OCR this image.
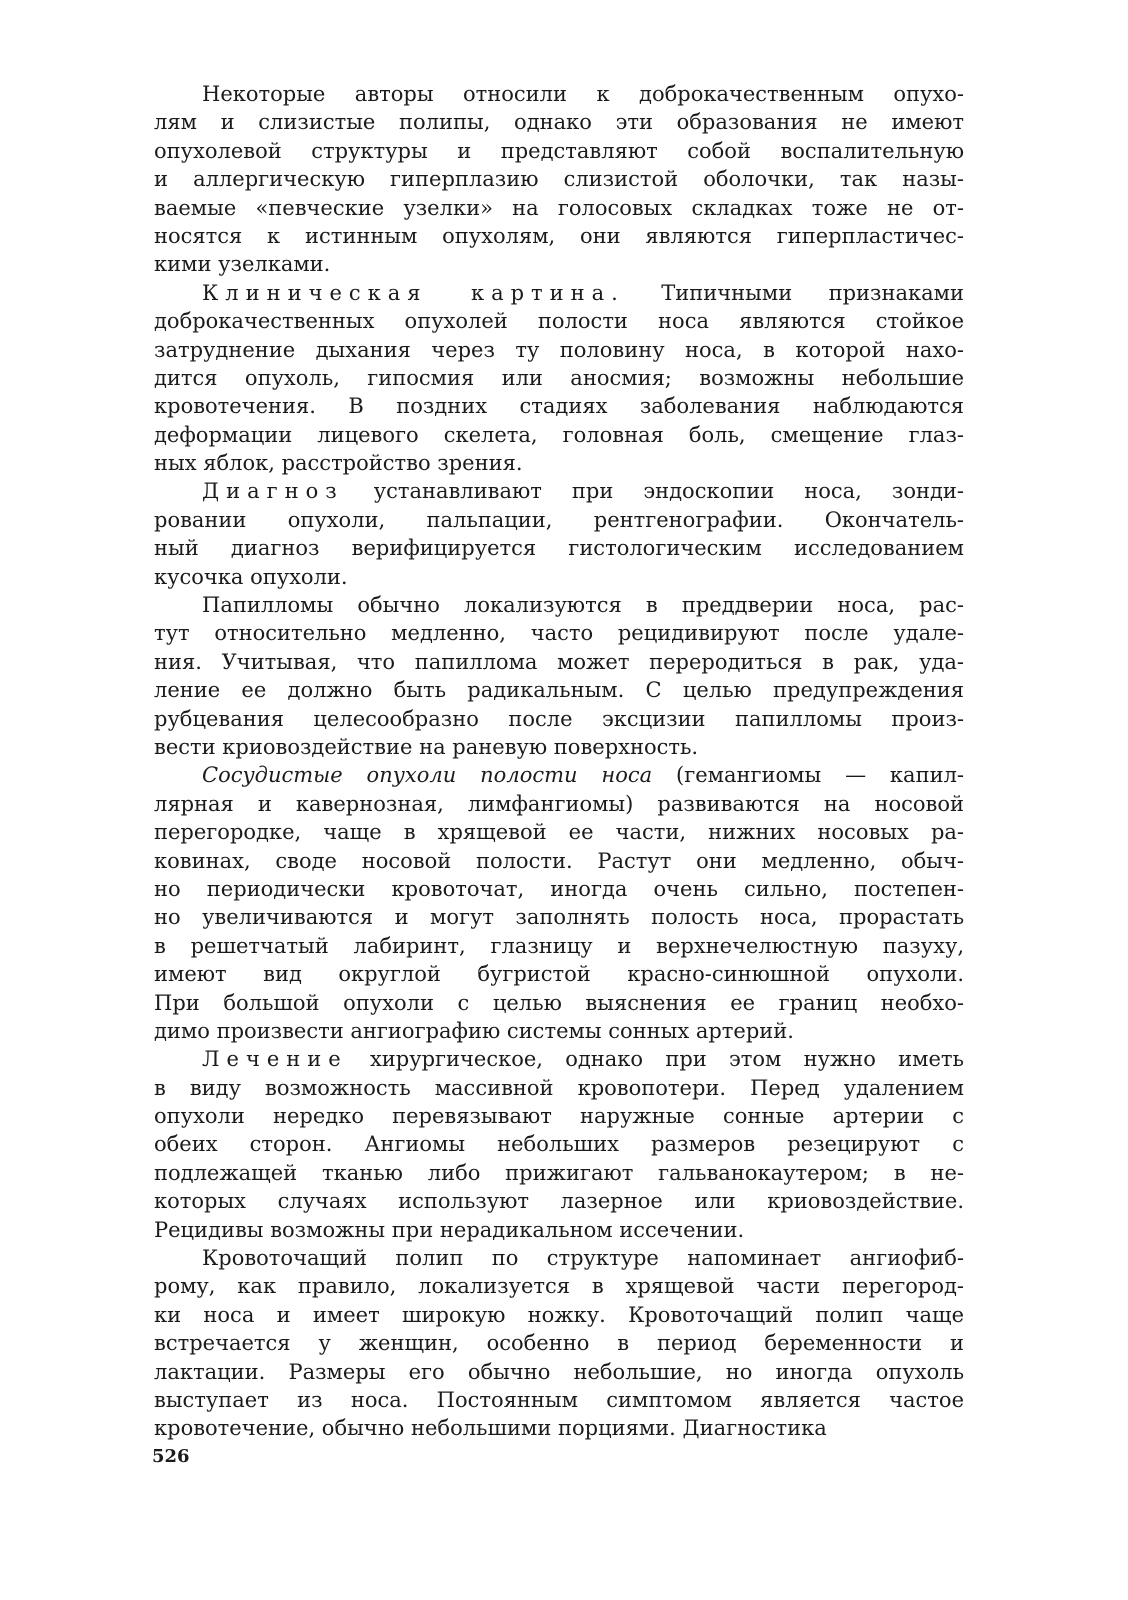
Некоторые авторы относили к доброкачественным опухо-
лям и слизистые полипы, однако эти образования не имеют
опухолевой структуры и представляют собой воспалительную
и аллергическую гиперплазию слизистой оболочки, так назы-
ваемые «певческие узелки» на голосовых складках тоже не от-
носятся к истинным опухолям, они являются гиперпластичес-
кими узелками.
Клиническая картина. Типичными признаками
доброкачественных опухолей полости носа являются стойкое
затруднение дыхания через ту половину носа, в которой нахо-
дится опухоль, гипосмия или аносмия; возможны небольшие
кровотечения. В поздних стадиях заболевания наблюдаются
деформации лицевого скелета, головная боль, смещение глаз-
ных яблок, расстройство зрения.
Диагноз устанавливают при эндоскопии носа, зонди-
ровании опухоли, пальпации, рентгенографии. Окончатель-
ный диагноз верифицируется гистологическим исследованием
кусочка опухоли.
Папилломы обычно локализуются в преддверии носа, рас-
тут относительно медленно, часто рецидивируют после удале-
ния. Учитывая, что папиллома может переродиться в рак, уда-
ление ее должно быть радикальным. С целью предупреждения
рубцевания целесообразно после эксцизии папилломы произ-
вести криовоздействие на раневую поверхность.
Сосудистые опухоли полости носа (гемангиомы — капил-
лярная и кавернозная, лимфангиомы) развиваются на носовой
перегородке, чаще в хрящевой ее части, нижних носовых ра-
ковинах, своде носовой полости. Растут они медленно, обыч-
но периодически кровоточат, иногда очень сильно, постепен-
но увеличиваются и могут заполнять полость носа, прорастать
в решетчатый лабиринт, глазницу и верхнечелюстную пазуху,
имеют вид округлой бугристой красно-синюшной опухоли.
При большой опухоли с целью выяснения ее границ необхо-
димо произвести ангиографию системы сонных артерий.
Лечение хирургическое, однако при этом нужно иметь
в виду возможность массивной кровопотери. Перед удалением
опухоли нередко перевязывают наружные сонные артерии с
обеих сторон. Ангиомы небольших размеров резецируют с
подлежащей тканью либо прижигают гальванокаутером; в не-
которых случаях используют лазерное или криовоздействие.
Рецидивы возможны при нерадикальном иссечении.
Кровоточащий полип по структуре напоминает ангиофиб-
рому, как правило, локализуется в хрящевой части перегород-
ки носа и имеет широкую ножку. Кровоточащий полип чаще
встречается у женщин, особенно в период беременности и
лактации. Размеры его обычно небольшие, но иногда опухоль
выступает из носа. Постоянным симптомом является частое
кровотечение, обычно небольшими порциями. Диагностика
526
